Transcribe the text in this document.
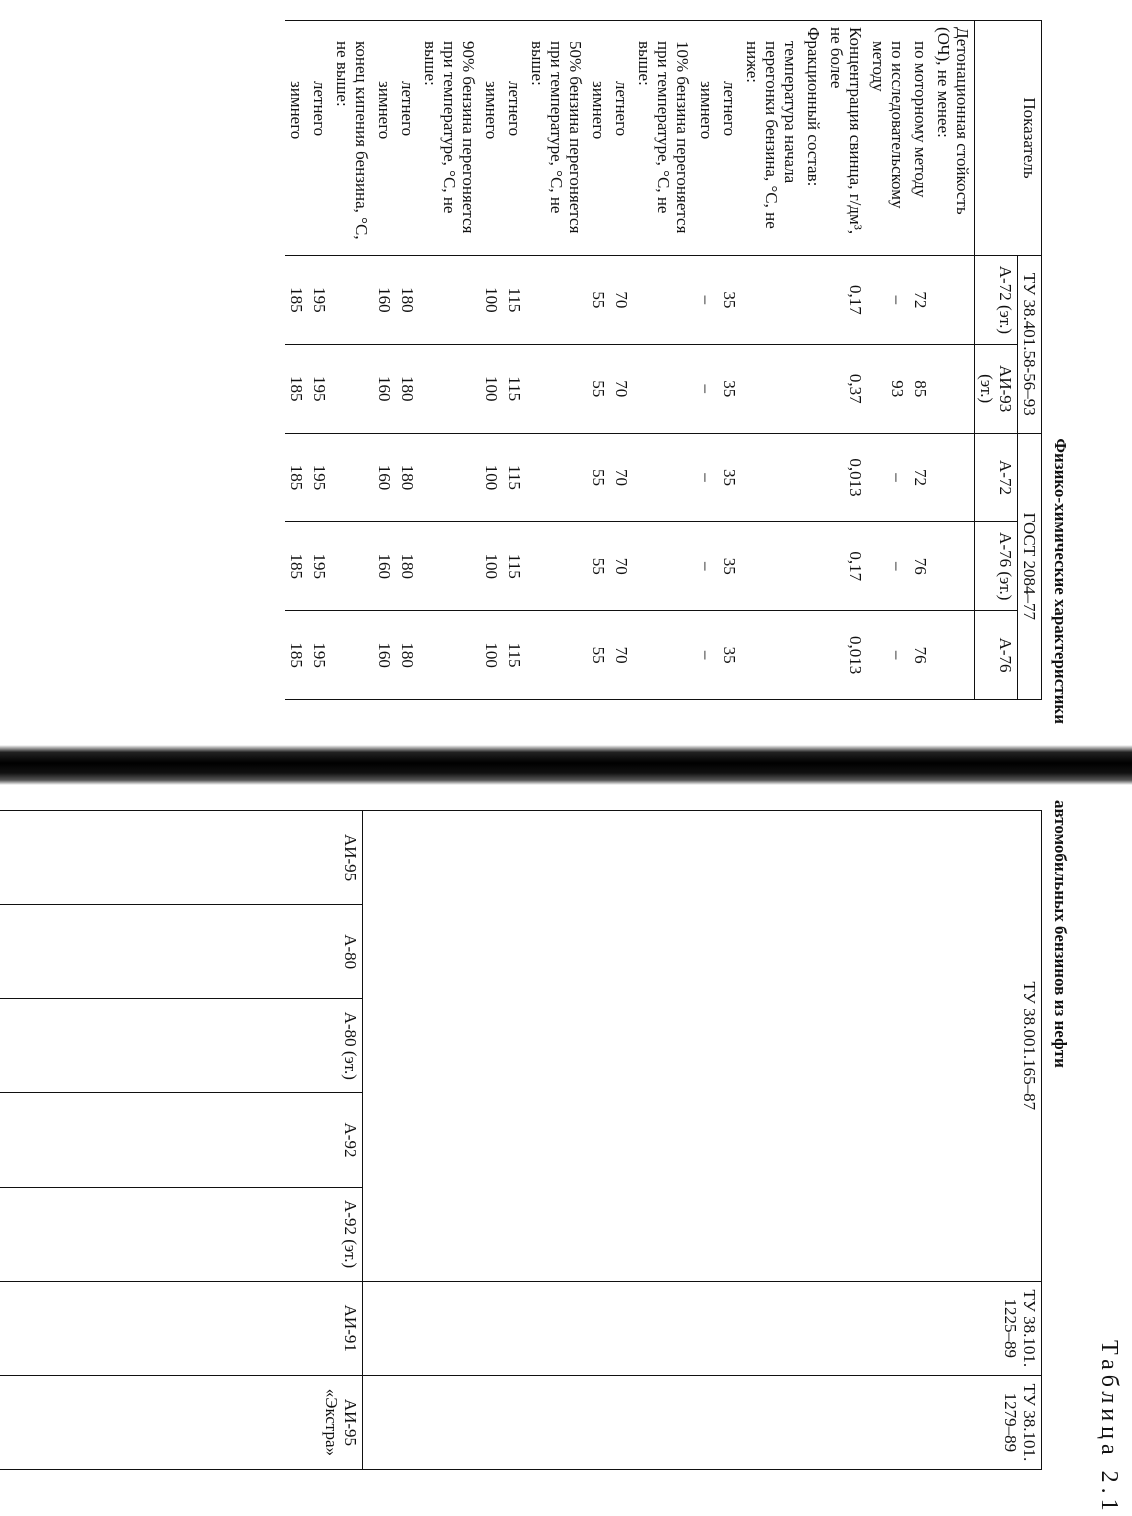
Таблица 2.1
Физико-химические характеристики
автомобильных бензинов из нефти
Показатель	ТУ 38.401.58-56–93		ГОСТ 2084–77		
	А-72 (эт.)	АИ-93 (эт.)	А-72	А-76 (эт.)	А-76
Детонационная стойкость (ОЧ), не менее:					
по моторному методу	72	85	72	76	76
по исследовательскому методу	–	93	–	–	–
Концентрация свинца, г/дм³, не более	0,17	0,37	0,013	0,17	0,013
Фракционный состав:					
температура начала перегонки бензина, °С, не ниже:					
летнего	35	35	35	35	35
зимнего	–	–	–	–	–
10% бензина перегоняется при температуре, °С, не выше:					
летнего	70	70	70	70	70
зимнего	55	55	55	55	55
50% бензина перегоняется при температуре, °С, не выше:					
летнего	115	115	115	115	115
зимнего	100	100	100	100	100
90% бензина перегоняется при температуре, °С, не выше:					
летнего	180	180	180	180	180
зимнего	160	160	160	160	160
конец кипения бензина, °С, не выше:					
летнего	195	195	195	195	195
зимнего	185	185	185	185	185
ТУ 38.001.165–87					ТУ 38.101. 1225–89	ТУ 38.101. 1279–89
АИ-95	А-80	А-80 (эт.)	А-92	А-92 (эт.)	АИ-91	АИ-95 «Экстра»
